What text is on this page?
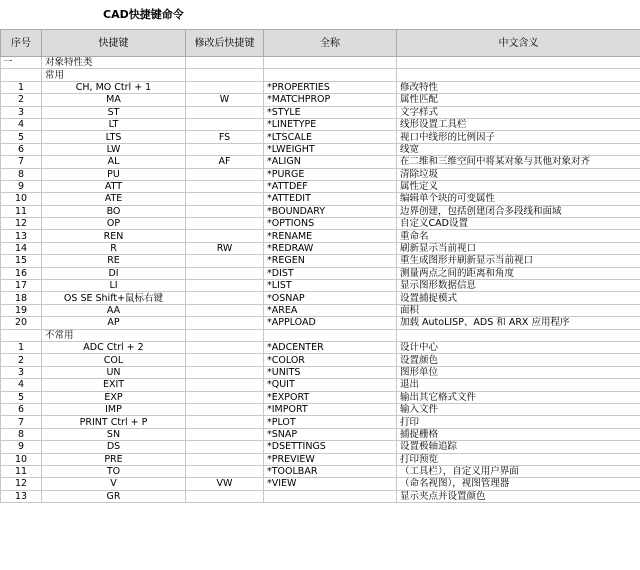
CAD快捷键命令
序号	快捷键	修改后快捷键	全称	中文含义
一	对象特性类			
	常用			
1	CH, MO Ctrl + 1		*PROPERTIES	修改特性
2	MA	W	*MATCHPROP	属性匹配
3	ST		*STYLE	文字样式
4	LT		*LINETYPE	线形设置工具栏
5	LTS	FS	*LTSCALE	视口中线形的比例因子
6	LW		*LWEIGHT	线宽
7	AL	AF	*ALIGN	在二维和三维空间中将某对象与其他对象对齐
8	PU		*PURGE	清除垃圾
9	ATT		*ATTDEF	属性定义
10	ATE		*ATTEDIT	编辑单个块的可变属性
11	BO		*BOUNDARY	边界创建，包括创建闭合多段线和面域
12	OP		*OPTIONS	自定义CAD设置
13	REN		*RENAME	重命名
14	R	RW	*REDRAW	刷新显示当前视口
15	RE		*REGEN	重生成图形并刷新显示当前视口
16	DI		*DIST	测量两点之间的距离和角度
17	LI		*LIST	显示图形数据信息
18	OS SE Shift+鼠标右键		*OSNAP	设置捕捉模式
19	AA		*AREA	面积
20	AP		*APPLOAD	加载 AutoLISP、ADS 和 ARX 应用程序
	不常用			
1	ADC Ctrl + 2		*ADCENTER	设计中心
2	COL		*COLOR	设置颜色
3	UN		*UNITS	图形单位
4	EXIT		*QUIT	退出
5	EXP		*EXPORT	输出其它格式文件
6	IMP		*IMPORT	输入文件
7	PRINT Ctrl + P		*PLOT	打印
8	SN		*SNAP	捕捉栅格
9	DS		*DSETTINGS	设置极轴追踪
10	PRE		*PREVIEW	打印预览
11	TO		*TOOLBAR	（工具栏），自定义用户界面
12	V	VW	*VIEW	（命名视图），视图管理器
13	GR			显示夹点并设置颜色
